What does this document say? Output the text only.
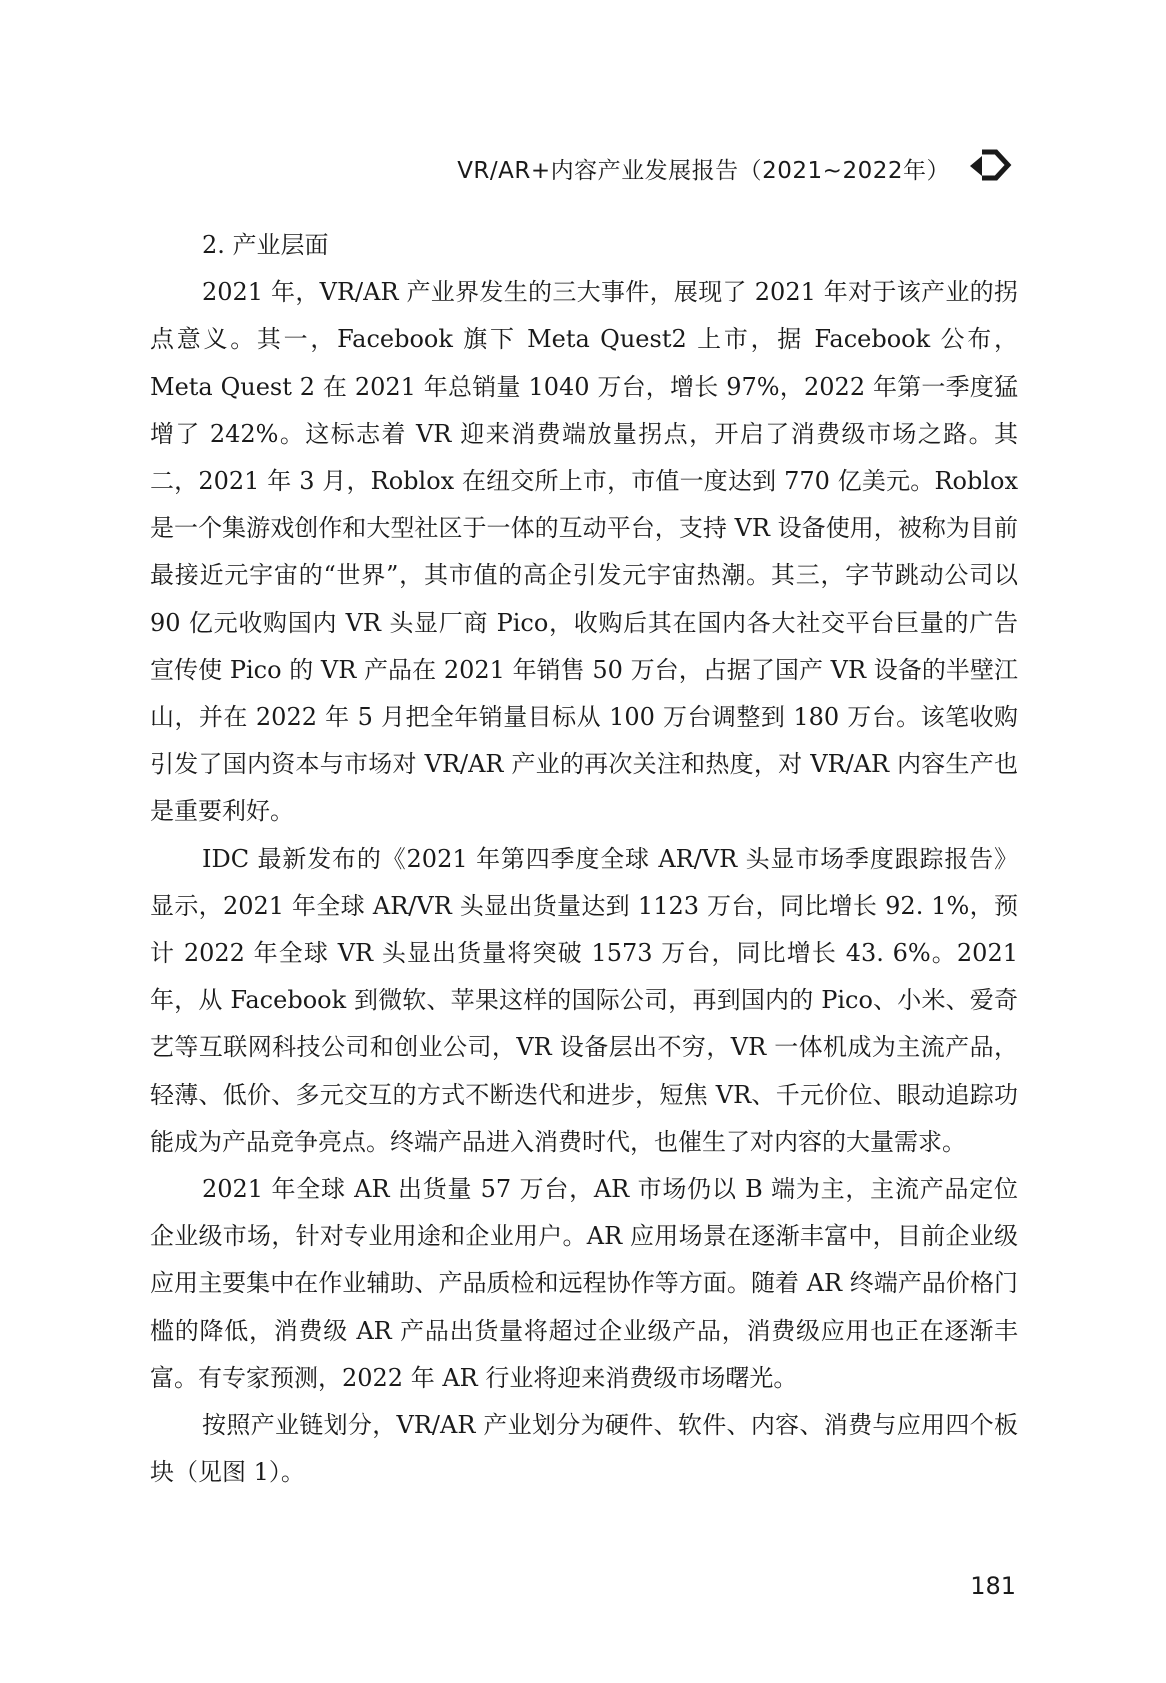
VR/AR+内容产业发展报告（2021~2022年）
2. 产业层面

2021 年，VR/AR 产业界发生的三大事件，展现了 2021 年对于该产业的拐点意义。其一，Facebook 旗下 Meta Quest2 上市，据 Facebook 公布，Meta Quest 2 在 2021 年总销量 1040 万台，增长 97%，2022 年第一季度猛增了 242%。这标志着 VR 迎来消费端放量拐点，开启了消费级市场之路。其二，2021 年 3 月，Roblox 在纽交所上市，市值一度达到 770 亿美元。Roblox 是一个集游戏创作和大型社区于一体的互动平台，支持 VR 设备使用，被称为目前最接近元宇宙的“世界”，其市值的高企引发元宇宙热潮。其三，字节跳动公司以 90 亿元收购国内 VR 头显厂商 Pico，收购后其在国内各大社交平台巨量的广告宣传使 Pico 的 VR 产品在 2021 年销售 50 万台，占据了国产 VR 设备的半壁江山，并在 2022 年 5 月把全年销量目标从 100 万台调整到 180 万台。该笔收购引发了国内资本与市场对 VR/AR 产业的再次关注和热度，对 VR/AR 内容生产也是重要利好。

IDC 最新发布的《2021 年第四季度全球 AR/VR 头显市场季度跟踪报告》显示，2021 年全球 AR/VR 头显出货量达到 1123 万台，同比增长 92. 1%，预计 2022 年全球 VR 头显出货量将突破 1573 万台，同比增长 43. 6%。2021 年，从 Facebook 到微软、苹果这样的国际公司，再到国内的 Pico、小米、爱奇艺等互联网科技公司和创业公司，VR 设备层出不穷，VR 一体机成为主流产品，轻薄、低价、多元交互的方式不断迭代和进步，短焦 VR、千元价位、眼动追踪功能成为产品竞争亮点。终端产品进入消费时代，也催生了对内容的大量需求。

2021 年全球 AR 出货量 57 万台，AR 市场仍以 B 端为主，主流产品定位企业级市场，针对专业用途和企业用户。AR 应用场景在逐渐丰富中，目前企业级应用主要集中在作业辅助、产品质检和远程协作等方面。随着 AR 终端产品价格门槛的降低，消费级 AR 产品出货量将超过企业级产品，消费级应用也正在逐渐丰富。有专家预测，2022 年 AR 行业将迎来消费级市场曙光。

按照产业链划分，VR/AR 产业划分为硬件、软件、内容、消费与应用四个板块（见图 1）。

181
